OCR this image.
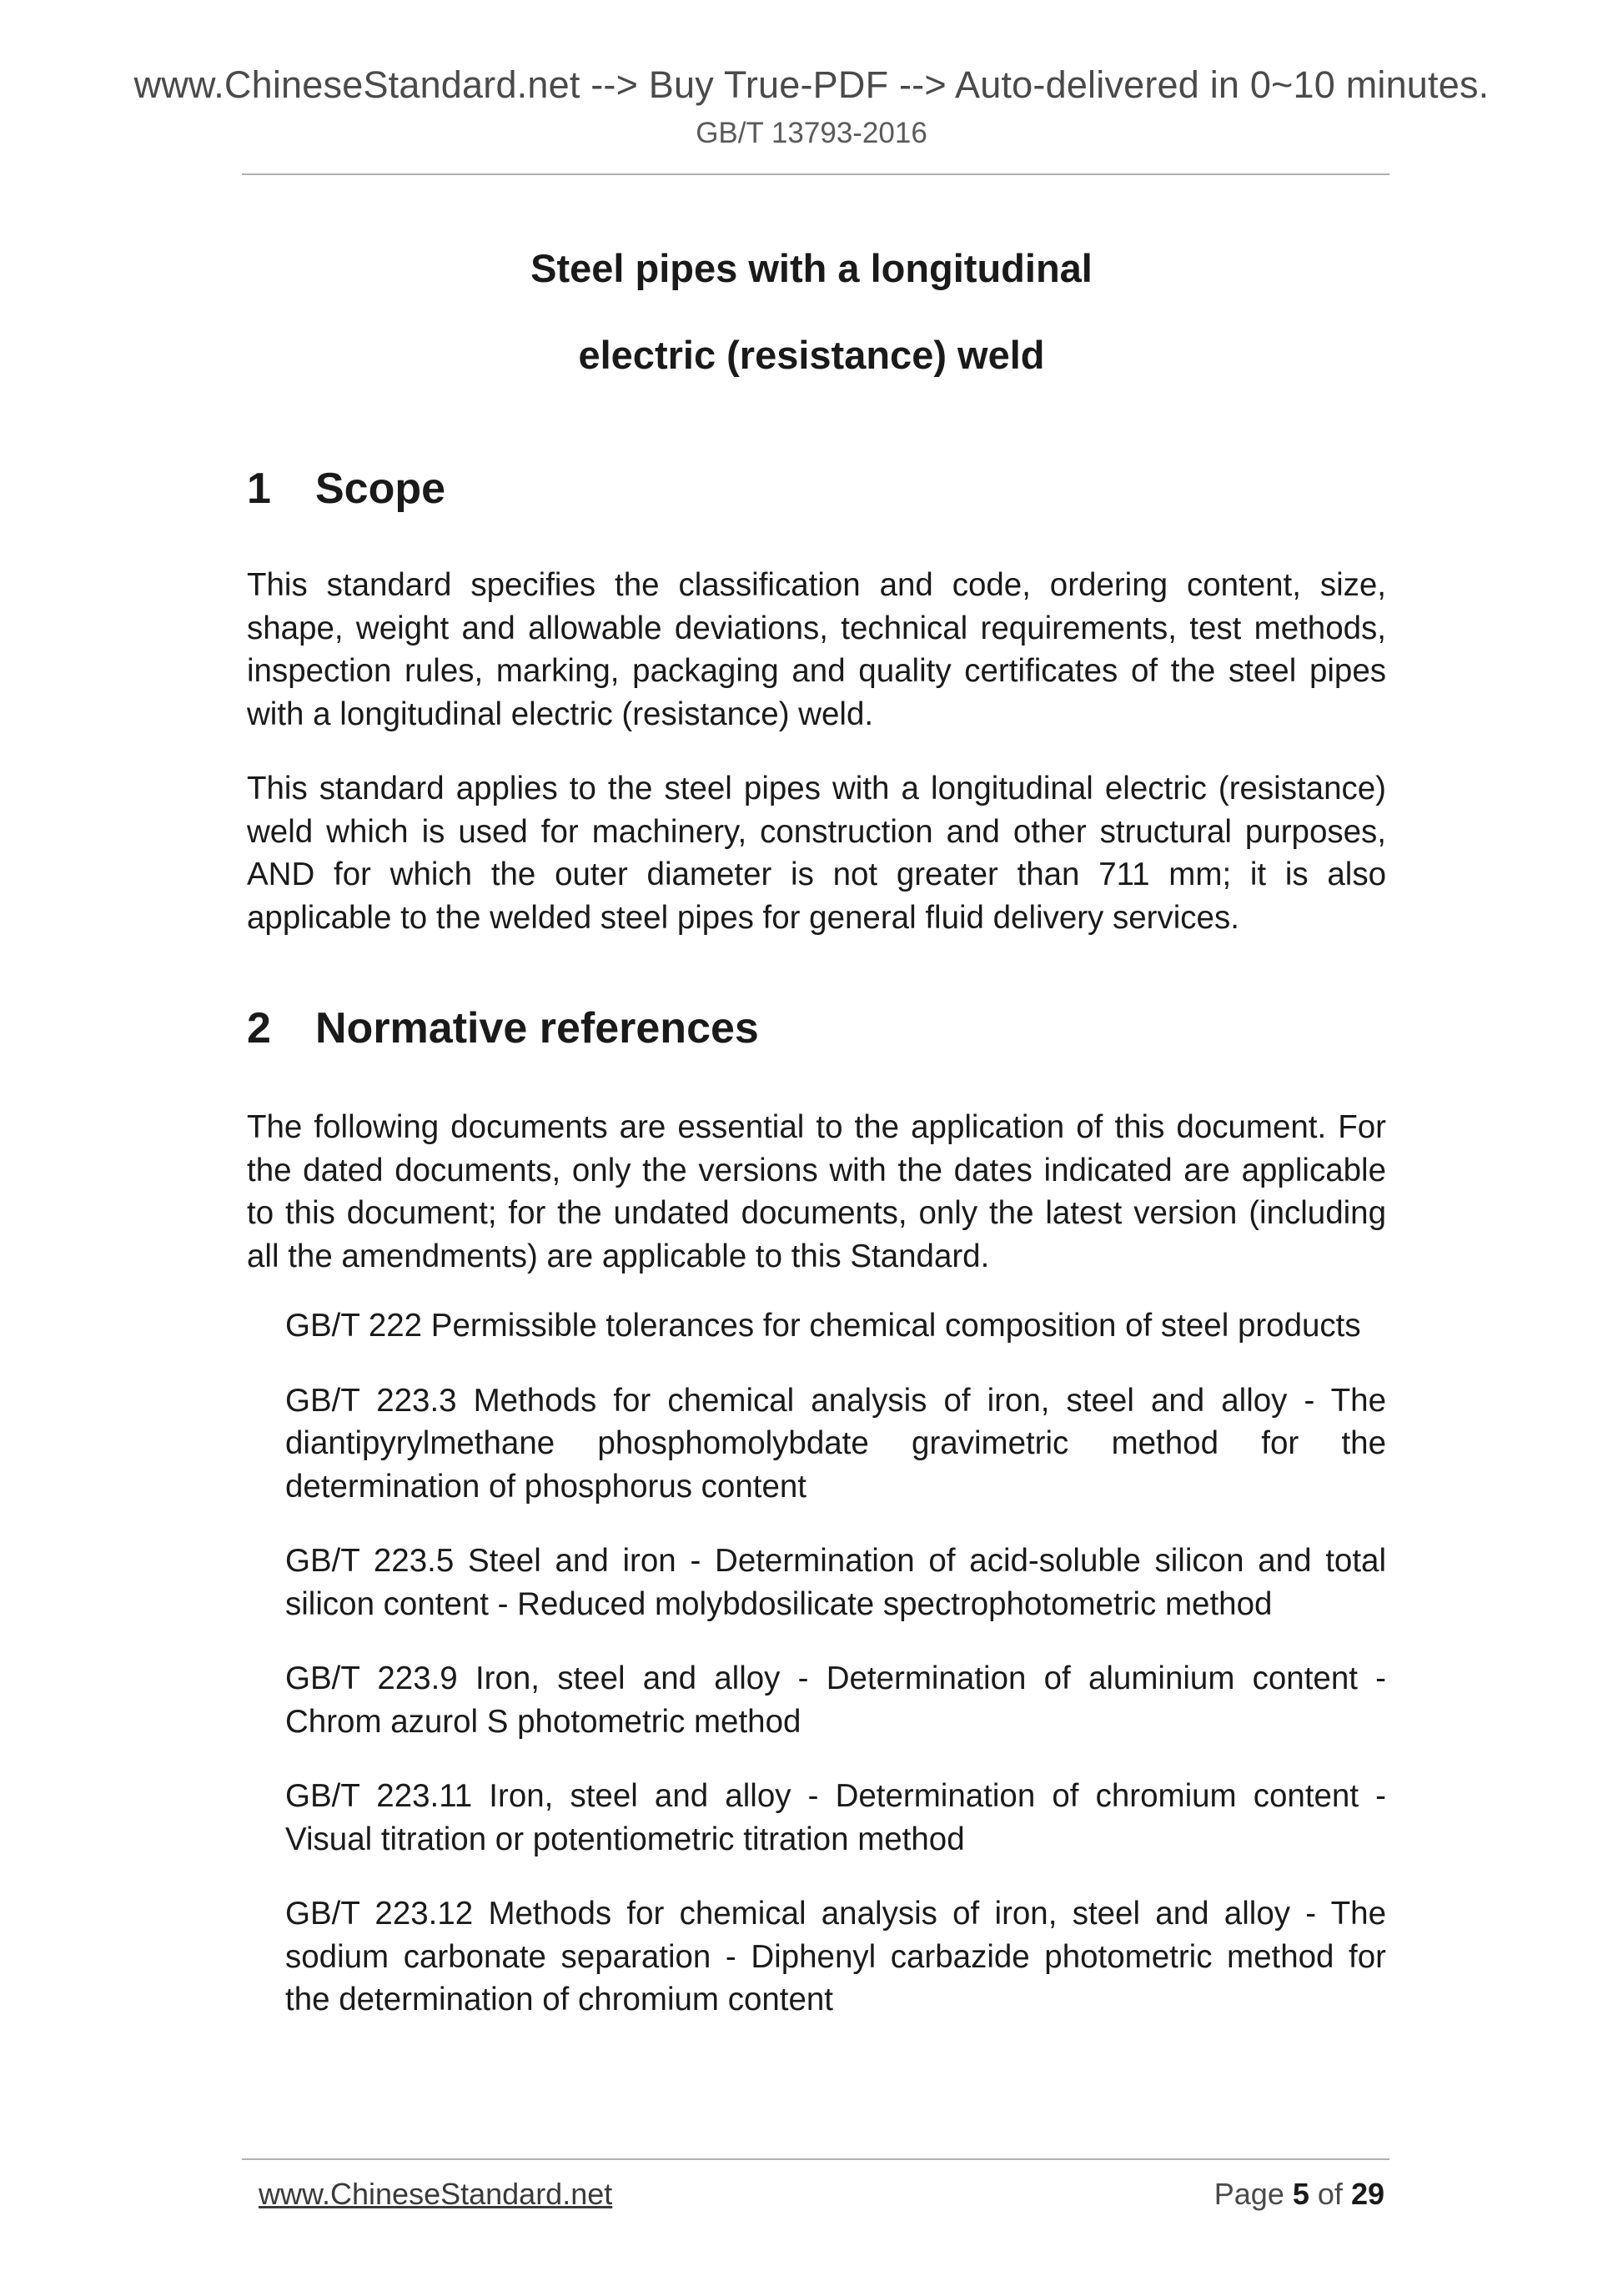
www.ChineseStandard.net --> Buy True-PDF --> Auto-delivered in 0~10 minutes.
GB/T 13793-2016
Steel pipes with a longitudinal
electric (resistance) weld
1 Scope

This standard specifies the classification and code, ordering content, size, shape, weight and allowable deviations, technical requirements, test methods, inspection rules, marking, packaging and quality certificates of the steel pipes with a longitudinal electric (resistance) weld.

This standard applies to the steel pipes with a longitudinal electric (resistance) weld which is used for machinery, construction and other structural purposes, AND for which the outer diameter is not greater than 711 mm; it is also applicable to the welded steel pipes for general fluid delivery services.

2 Normative references

The following documents are essential to the application of this document. For the dated documents, only the versions with the dates indicated are applicable to this document; for the undated documents, only the latest version (including all the amendments) are applicable to this Standard.

GB/T 222 Permissible tolerances for chemical composition of steel products
GB/T 223.3 Methods for chemical analysis of iron, steel and alloy - The diantipyrylmethane phosphomolybdate gravimetric method for the determination of phosphorus content
GB/T 223.5 Steel and iron - Determination of acid-soluble silicon and total silicon content - Reduced molybdosilicate spectrophotometric method
GB/T 223.9 Iron, steel and alloy - Determination of aluminium content - Chrom azurol S photometric method
GB/T 223.11 Iron, steel and alloy - Determination of chromium content - Visual titration or potentiometric titration method
GB/T 223.12 Methods for chemical analysis of iron, steel and alloy - The sodium carbonate separation - Diphenyl carbazide photometric method for the determination of chromium content
www.ChineseStandard.net	Page 5 of 29
